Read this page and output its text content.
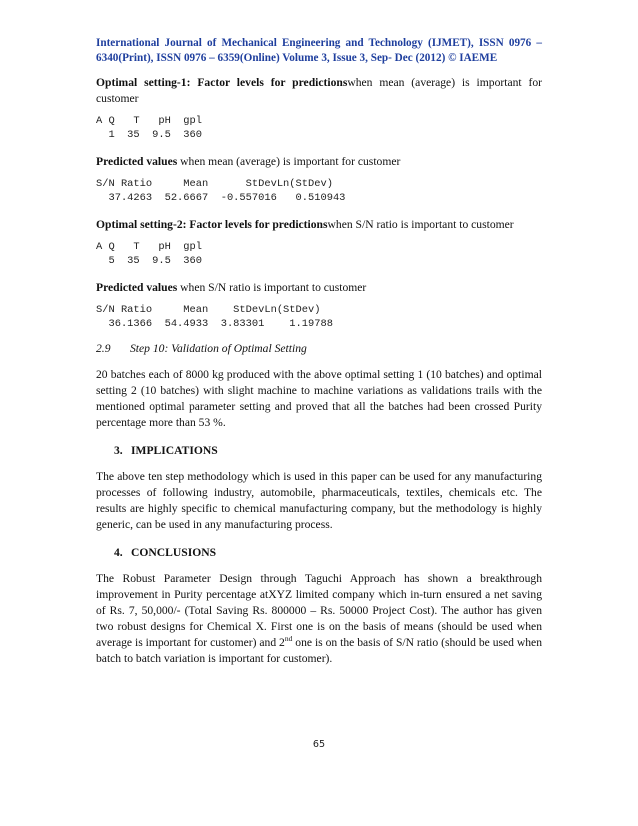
International Journal of Mechanical Engineering and Technology (IJMET), ISSN 0976 – 6340(Print), ISSN 0976 – 6359(Online) Volume 3, Issue 3, Sep- Dec (2012) © IAEME

Optimal setting-1: Factor levels for predictionswhen mean (average) is important for customer

A Q   T   pH  gpl
1  35  9.5  360

Predicted values when mean (average) is important for customer

S/N Ratio     Mean      StDevLn(StDev)
37.4263  52.6667  -0.557016   0.510943

Optimal setting-2: Factor levels for predictionswhen S/N ratio is important to customer

A Q   T   pH  gpl
5  35  9.5  360

Predicted values when S/N ratio is important to customer

S/N Ratio     Mean    StDevLn(StDev)
36.1366  54.4933  3.83301    1.19788

2.9 Step 10: Validation of Optimal Setting

20 batches each of 8000 kg produced with the above optimal setting 1 (10 batches) and optimal setting 2 (10 batches) with slight machine to machine variations as validations trails with the mentioned optimal parameter setting and proved that all the batches had been crossed Purity percentage more than 53 %.

3. IMPLICATIONS

The above ten step methodology which is used in this paper can be used for any manufacturing processes of following industry, automobile, pharmaceuticals, textiles, chemicals etc. The results are highly specific to chemical manufacturing company, but the methodology is highly generic, can be used in any manufacturing process.

4. CONCLUSIONS

The Robust Parameter Design through Taguchi Approach has shown a breakthrough improvement in Purity percentage atXYZ limited company which in-turn ensured a net saving of Rs. 7, 50,000/- (Total Saving Rs. 800000 – Rs. 50000 Project Cost). The author has given two robust designs for Chemical X. First one is on the basis of means (should be used when average is important for customer) and 2nd one is on the basis of S/N ratio (should be used when batch to batch variation is important for customer).

65
